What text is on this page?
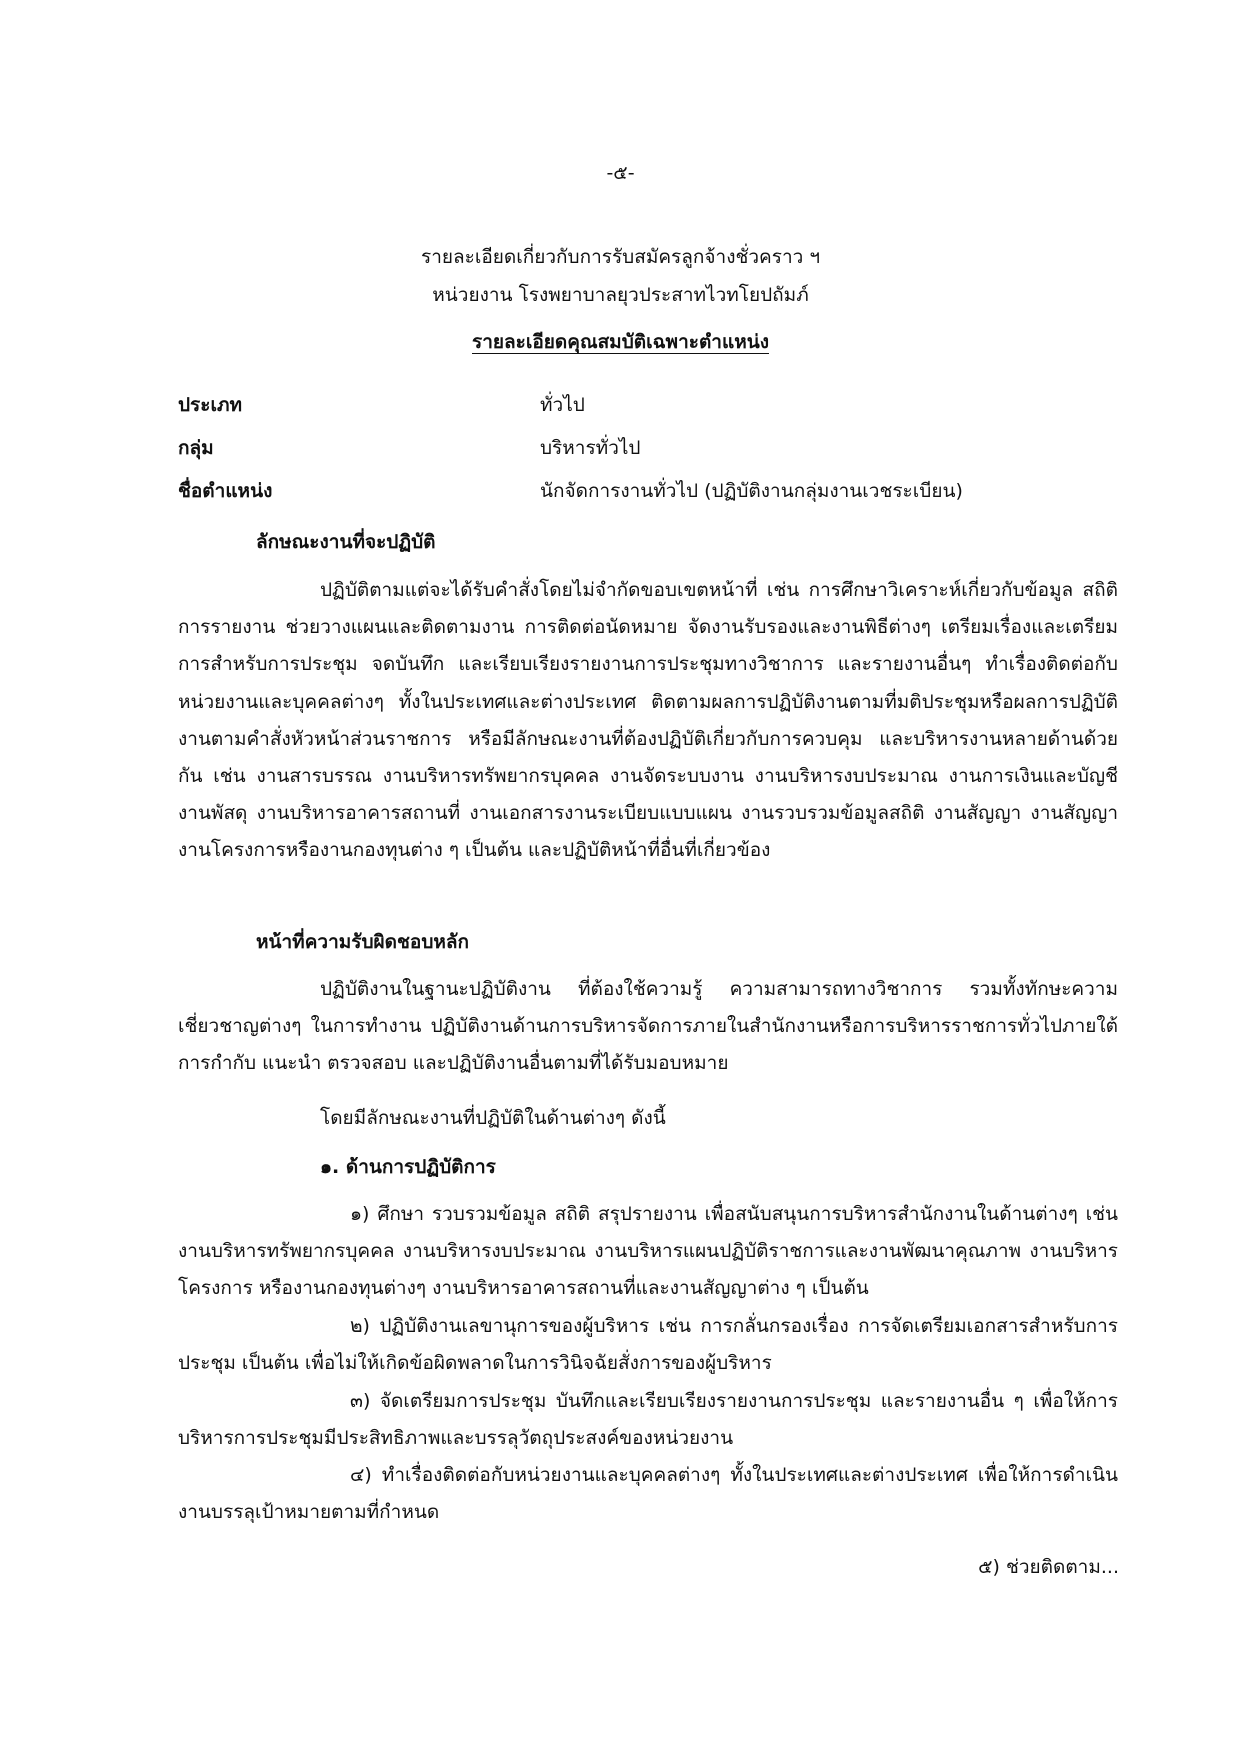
-๕-
รายละเอียดเกี่ยวกับการรับสมัครลูกจ้างชั่วคราว ฯ
หน่วยงาน โรงพยาบาลยุวประสาทไวทโยปถัมภ์
รายละเอียดคุณสมบัติเฉพาะตำแหน่ง
ประเภท	ทั่วไป
กลุ่ม	บริหารทั่วไป
ชื่อตำแหน่ง	นักจัดการงานทั่วไป (ปฏิบัติงานกลุ่มงานเวชระเบียน)
ลักษณะงานที่จะปฏิบัติ

ปฏิบัติตามแต่จะได้รับคำสั่งโดยไม่จำกัดขอบเขตหน้าที่ เช่น การศึกษาวิเคราะห์เกี่ยวกับข้อมูล สถิติ การรายงาน ช่วยวางแผนและติดตามงาน การติดต่อนัดหมาย จัดงานรับรองและงานพิธีต่างๆ เตรียมเรื่องและเตรียมการสำหรับการประชุม จดบันทึก และเรียบเรียงรายงานการประชุมทางวิชาการ และรายงานอื่นๆ ทำเรื่องติดต่อกับหน่วยงานและบุคคลต่างๆ ทั้งในประเทศและต่างประเทศ ติดตามผลการปฏิบัติงานตามที่มติประชุมหรือผลการปฏิบัติงานตามคำสั่งหัวหน้าส่วนราชการ หรือมีลักษณะงานที่ต้องปฏิบัติเกี่ยวกับการควบคุม และบริหารงานหลายด้านด้วยกัน เช่น งานสารบรรณ งานบริหารทรัพยากรบุคคล งานจัดระบบงาน งานบริหารงบประมาณ งานการเงินและบัญชี งานพัสดุ งานบริหารอาคารสถานที่ งานเอกสารงานระเบียบแบบแผน งานรวบรวมข้อมูลสถิติ งานสัญญา งานสัญญา งานโครงการหรืองานกองทุนต่าง ๆ เป็นต้น และปฏิบัติหน้าที่อื่นที่เกี่ยวข้อง

หน้าที่ความรับผิดชอบหลัก

ปฏิบัติงานในฐานะปฏิบัติงาน ที่ต้องใช้ความรู้ ความสามารถทางวิชาการ รวมทั้งทักษะความเชี่ยวชาญต่างๆ ในการทำงาน ปฏิบัติงานด้านการบริหารจัดการภายในสำนักงานหรือการบริหารราชการทั่วไปภายใต้การกำกับ แนะนำ ตรวจสอบ และปฏิบัติงานอื่นตามที่ได้รับมอบหมาย

โดยมีลักษณะงานที่ปฏิบัติในด้านต่างๆ ดังนี้
๑. ด้านการปฏิบัติการ

๑) ศึกษา รวบรวมข้อมูล สถิติ สรุปรายงาน เพื่อสนับสนุนการบริหารสำนักงานในด้านต่างๆ เช่น งานบริหารทรัพยากรบุคคล งานบริหารงบประมาณ งานบริหารแผนปฏิบัติราชการและงานพัฒนาคุณภาพ งานบริหารโครงการ หรืองานกองทุนต่างๆ งานบริหารอาคารสถานที่และงานสัญญาต่าง ๆ เป็นต้น

๒) ปฏิบัติงานเลขานุการของผู้บริหาร เช่น การกลั่นกรองเรื่อง การจัดเตรียมเอกสารสำหรับการประชุม เป็นต้น เพื่อไม่ให้เกิดข้อผิดพลาดในการวินิจฉัยสั่งการของผู้บริหาร

๓) จัดเตรียมการประชุม บันทึกและเรียบเรียงรายงานการประชุม และรายงานอื่น ๆ เพื่อให้การบริหารการประชุมมีประสิทธิภาพและบรรลุวัตถุประสงค์ของหน่วยงาน

๔) ทำเรื่องติดต่อกับหน่วยงานและบุคคลต่างๆ ทั้งในประเทศและต่างประเทศ เพื่อให้การดำเนินงานบรรลุเป้าหมายตามที่กำหนด

๕) ช่วยติดตาม...
